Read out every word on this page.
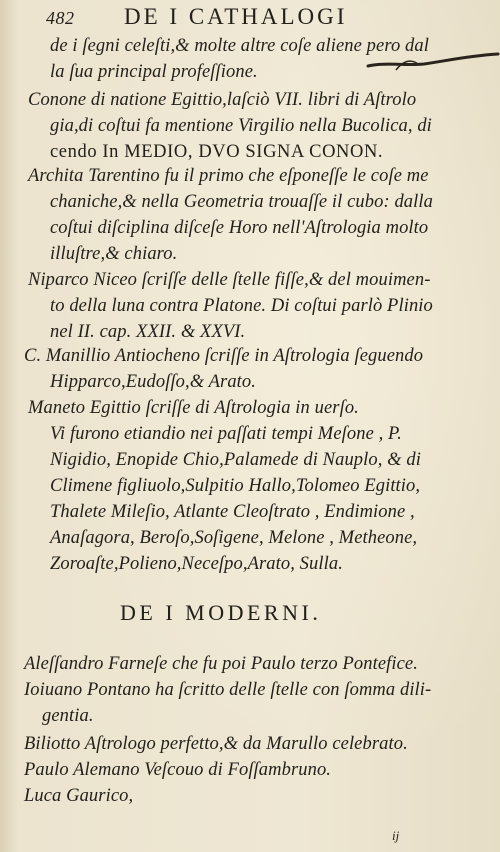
482	DE I CATHALOGI
de i ſegni celeſti,& molte altre coſe aliene pero dal
la ſua principal profeſſione.
Conone di natione Egittio,laſciò VII. libri di Aſtrolo
gia,di coſtui fa mentione Virgilio nella Bucolica, di
cendo In MEDIO, DVO SIGNA CONON.
Archita Tarentino fu il primo che eſponeſſe le coſe me
chaniche,& nella Geometria trouaſſe il cubo: dalla
coſtui diſciplina diſceſe Horo nell'Aſtrologia molto
illuſtre,& chiaro.
Niparco Niceo ſcriſſe delle ſtelle fiſſe,& del mouimen-
to della luna contra Platone. Di coſtui parlò Plinio
nel II. cap. XXII. & XXVI.
C. Manillio Antiocheno ſcriſſe in Aſtrologia ſeguendo
Hipparco,Eudoſſo,& Arato.
Maneto Egittio ſcriſſe di Aſtrologia in uerſo.
Vi furono etiandio nei paſſati tempi Meſone , P.
Nigidio, Enopide Chio,Palamede di Nauplo, & di
Climene figliuolo,Sulpitio Hallo,Tolomeo Egittio,
Thalete Mileſio, Atlante Cleoſtrato , Endimione ,
Anaſagora, Beroſo,Soſigene, Melone , Metheone,
Zoroaſte,Polieno,Neceſpo,Arato, Sulla.
DE I MODERNI.
Aleſſandro Farneſe che fu poi Paulo terzo Pontefice.
Ioiuano Pontano ha ſcritto delle ſtelle con ſomma dili-
gentia.
Biliotto Aſtrologo perfetto,& da Marullo celebrato.
Paulo Alemano Veſcouo di Foſſambruno.
Luca Gaurico,
ij
